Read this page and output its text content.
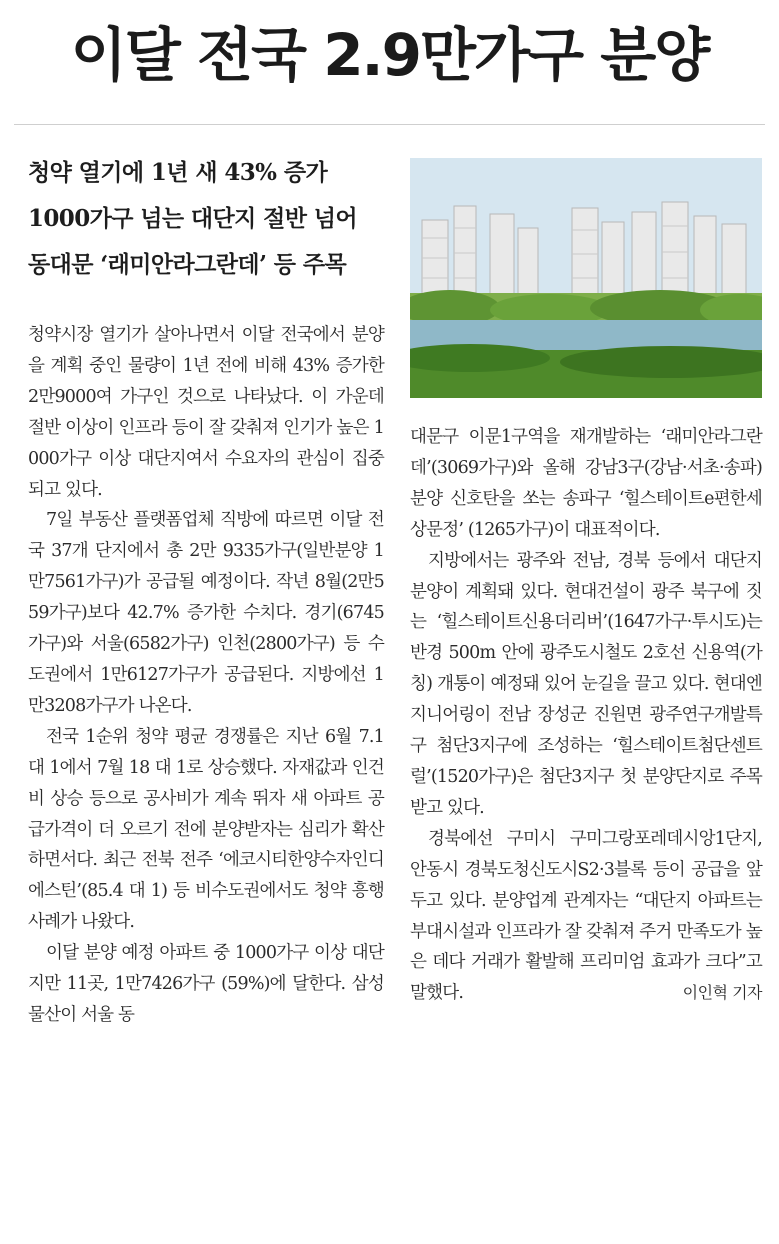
이달 전국 2.9만가구 분양
청약 열기에 1년 새 43% 증가
1000가구 넘는 대단지 절반 넘어
동대문 ‘래미안라그란데’ 등 주목

청약시장 열기가 살아나면서 이달 전국에서 분양을 계획 중인 물량이 1년 전에 비해 43% 증가한 2만9000여 가구인 것으로 나타났다. 이 가운데 절반 이상이 인프라 등이 잘 갖춰져 인기가 높은 1000가구 이상 대단지여서 수요자의 관심이 집중되고 있다.

7일 부동산 플랫폼업체 직방에 따르면 이달 전국 37개 단지에서 총 2만 9335가구(일반분양 1만7561가구)가 공급될 예정이다. 작년 8월(2만559가구)보다 42.7% 증가한 수치다. 경기(6745가구)와 서울(6582가구) 인천(2800가구) 등 수도권에서 1만6127가구가 공급된다. 지방에선 1만3208가구가 나온다.

전국 1순위 청약 평균 경쟁률은 지난 6월 7.1 대 1에서 7월 18 대 1로 상승했다. 자재값과 인건비 상승 등으로 공사비가 계속 뛰자 새 아파트 공급가격이 더 오르기 전에 분양받자는 심리가 확산하면서다. 최근 전북 전주 ‘에코시티한양수자인디에스틴’(85.4 대 1) 등 비수도권에서도 청약 흥행 사례가 나왔다.

이달 분양 예정 아파트 중 1000가구 이상 대단지만 11곳, 1만7426가구 (59%)에 달한다. 삼성물산이 서울 동

대문구 이문1구역을 재개발하는 ‘래미안라그란데’(3069가구)와 올해 강남3구(강남·서초·송파) 분양 신호탄을 쏘는 송파구 ‘힐스테이트e편한세상문정’ (1265가구)이 대표적이다.

지방에서는 광주와 전남, 경북 등에서 대단지 분양이 계획돼 있다. 현대건설이 광주 북구에 짓는 ‘힐스테이트신용더리버’(1647가구·투시도)는 반경 500m 안에 광주도시철도 2호선 신용역(가칭) 개통이 예정돼 있어 눈길을 끌고 있다. 현대엔지니어링이 전남 장성군 진원면 광주연구개발특구 첨단3지구에 조성하는 ‘힐스테이트첨단센트럴’(1520가구)은 첨단3지구 첫 분양단지로 주목받고 있다.

경북에선 구미시 구미그랑포레데시앙1단지, 안동시 경북도청신도시S2·3블록 등이 공급을 앞두고 있다. 분양업계 관계자는 “대단지 아파트는 부대시설과 인프라가 잘 갖춰져 주거 만족도가 높은 데다 거래가 활발해 프리미엄 효과가 크다”고 말했다.	이인혁 기자
